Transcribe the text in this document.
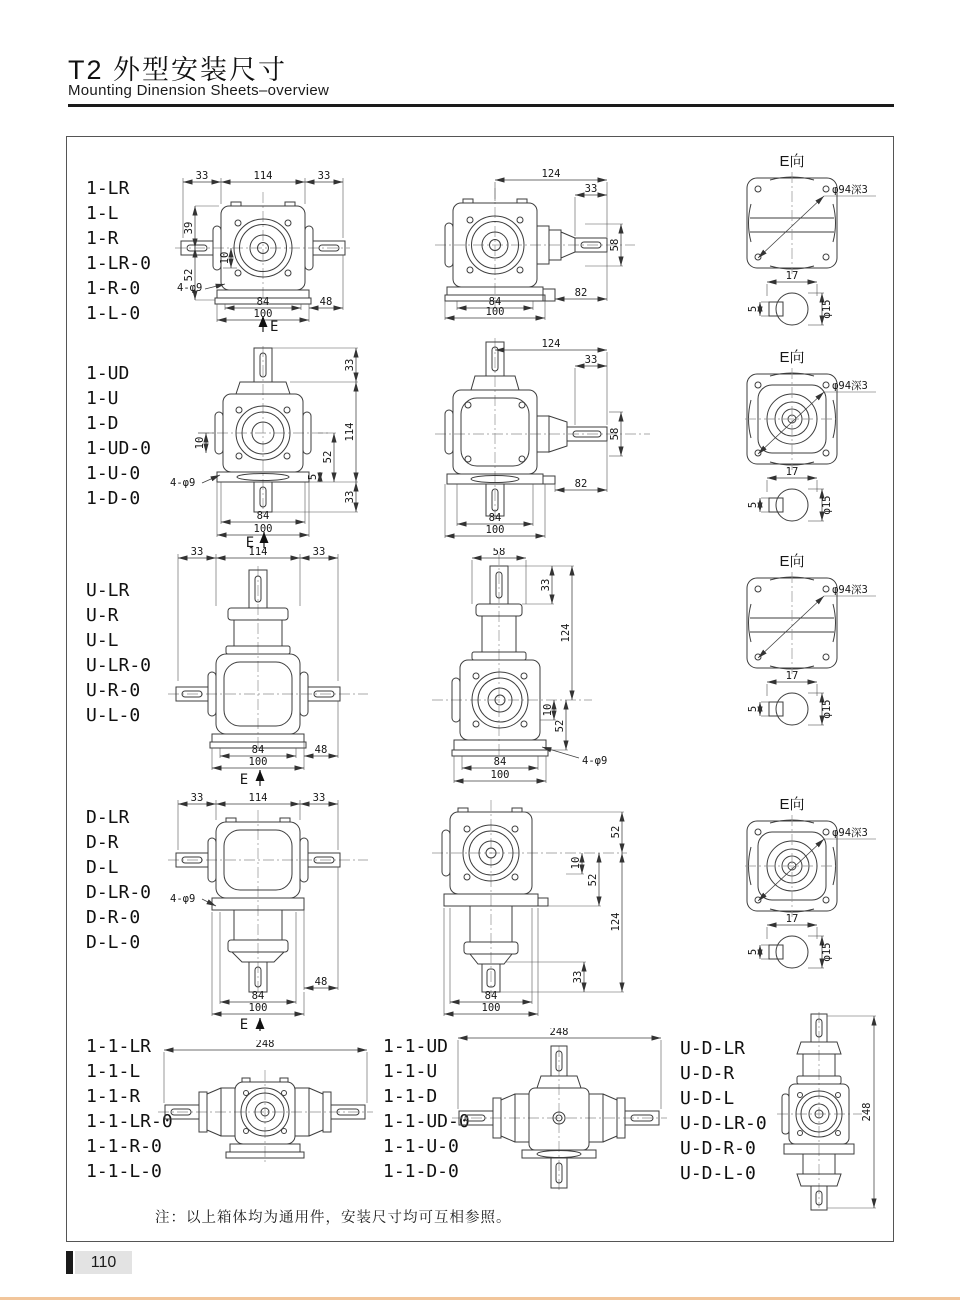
T2 外型安装尺寸
Mounting Dinension Sheets–overview
1-LR
1-L
1-R
1-LR-0
1-R-0
1-L-0
33	114	33
39
52
10
4-φ9
84	48
100
E
124
33
58
82
84
100
E向
φ94深3
17
5	φ15
1-UD
1-U
1-D
1-UD-0
1-U-0
1-D-0
33
114
33
52
5
10
4-φ9
84
100
E
124
33
58
82
84
100
E向
φ94深3
17
5	φ15
U-LR
U-R
U-L
U-LR-0
U-R-0
U-L-0
33	114	33
84	48
100
E
58
33
124
10
52
4-φ9
84
100
E向
φ94深3
17
5	φ15
D-LR
D-R
D-L
D-LR-0
D-R-0
D-L-0
33	114	33
4-φ9
48
84
100
E
52
10
52
124
33
84
100
E向
φ94深3
17
5	φ15
1-1-LR
1-1-L
1-1-R
1-1-LR-0
1-1-R-0
1-1-L-0
248	1-1-UD
1-1-U
1-1-D
1-1-UD-0
1-1-U-0
1-1-D-0
248
U-D-LR
U-D-R
U-D-L
U-D-LR-0
U-D-R-0
U-D-L-0
248
注：以上箱体均为通用件，安装尺寸均可互相参照。
110
